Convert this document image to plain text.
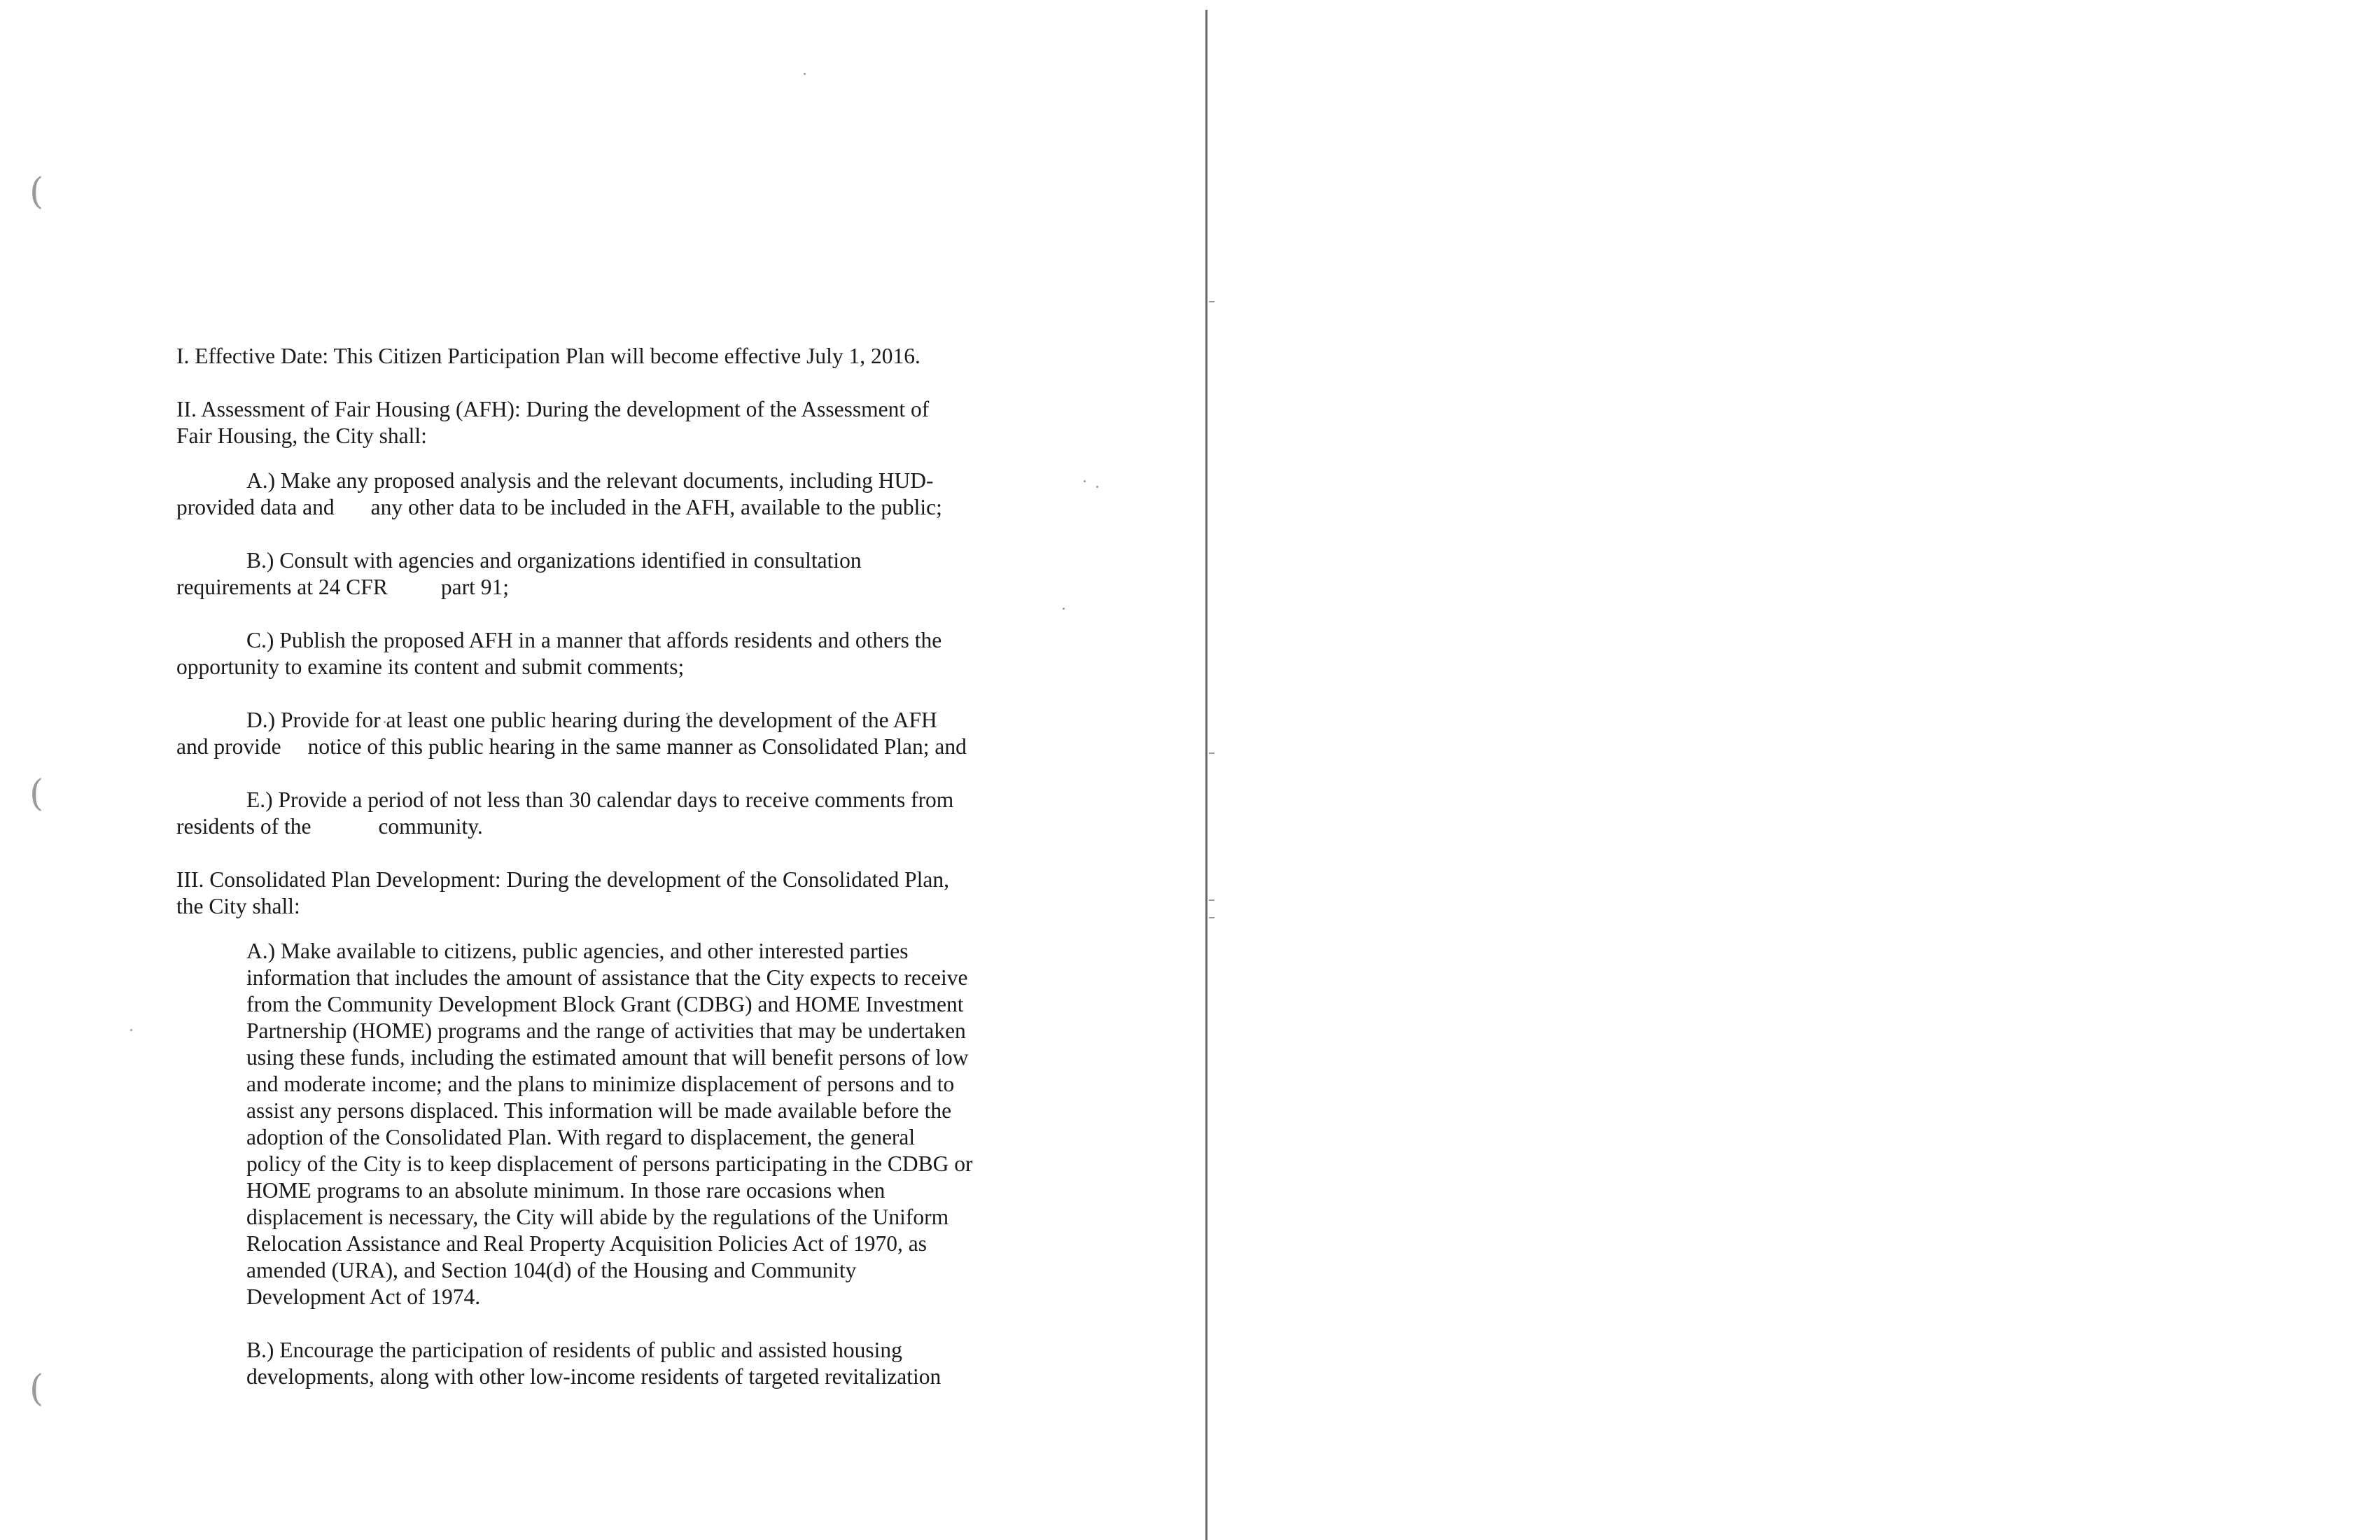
(
(
(

I. Effective Date: This Citizen Participation Plan will become effective July 1, 2016.

II. Assessment of Fair Housing (AFH): During the development of the Assessment of
Fair Housing, the City shall:

A.) Make any proposed analysis and the relevant documents, including HUD-
provided data and any other data to be included in the AFH, available to the public;

B.) Consult with agencies and organizations identified in consultation
requirements at 24 CFR part 91;

C.) Publish the proposed AFH in a manner that affords residents and others the
opportunity to examine its content and submit comments;

D.) Provide for at least one public hearing during the development of the AFH
and provide notice of this public hearing in the same manner as Consolidated Plan; and

E.) Provide a period of not less than 30 calendar days to receive comments from
residents of the	community.

III. Consolidated Plan Development: During the development of the Consolidated Plan,
the City shall:

A.) Make available to citizens, public agencies, and other interested parties
information that includes the amount of assistance that the City expects to receive
from the Community Development Block Grant (CDBG) and HOME Investment
Partnership (HOME) programs and the range of activities that may be undertaken
using these funds, including the estimated amount that will benefit persons of low
and moderate income; and the plans to minimize displacement of persons and to
assist any persons displaced. This information will be made available before the
adoption of the Consolidated Plan. With regard to displacement, the general
policy of the City is to keep displacement of persons participating in the CDBG or
HOME programs to an absolute minimum. In those rare occasions when
displacement is necessary, the City will abide by the regulations of the Uniform
Relocation Assistance and Real Property Acquisition Policies Act of 1970, as
amended (URA), and Section 104(d) of the Housing and Community
Development Act of 1974.
B.) Encourage the participation of residents of public and assisted housing
developments, along with other low-income residents of targeted revitalization
